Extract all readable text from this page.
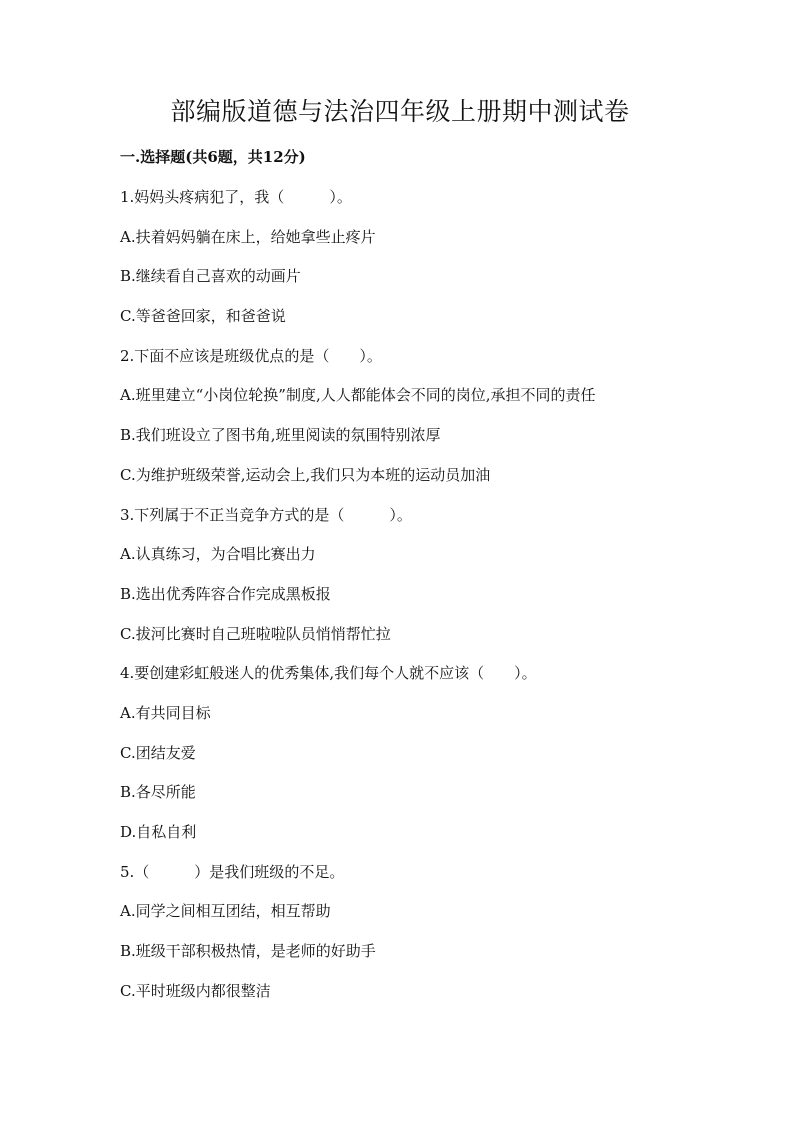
部编版道德与法治四年级上册期中测试卷
一.选择题(共6题，共12分)
1.妈妈头疼病犯了，我（　　　）。
A.扶着妈妈躺在床上，给她拿些止疼片
B.继续看自己喜欢的动画片
C.等爸爸回家，和爸爸说
2.下面不应该是班级优点的是（　　）。
A.班里建立“小岗位轮换”制度,人人都能体会不同的岗位,承担不同的责任
B.我们班设立了图书角,班里阅读的氛围特别浓厚
C.为维护班级荣誉,运动会上,我们只为本班的运动员加油
3.下列属于不正当竞争方式的是（　　　）。
A.认真练习，为合唱比赛出力
B.选出优秀阵容合作完成黑板报
C.拔河比赛时自己班啦啦队员悄悄帮忙拉
4.要创建彩虹般迷人的优秀集体,我们每个人就不应该（　　）。
A.有共同目标
C.团结友爱
B.各尽所能
D.自私自利
5.（　　　）是我们班级的不足。
A.同学之间相互团结，相互帮助
B.班级干部积极热情，是老师的好助手
C.平时班级内都很整洁
